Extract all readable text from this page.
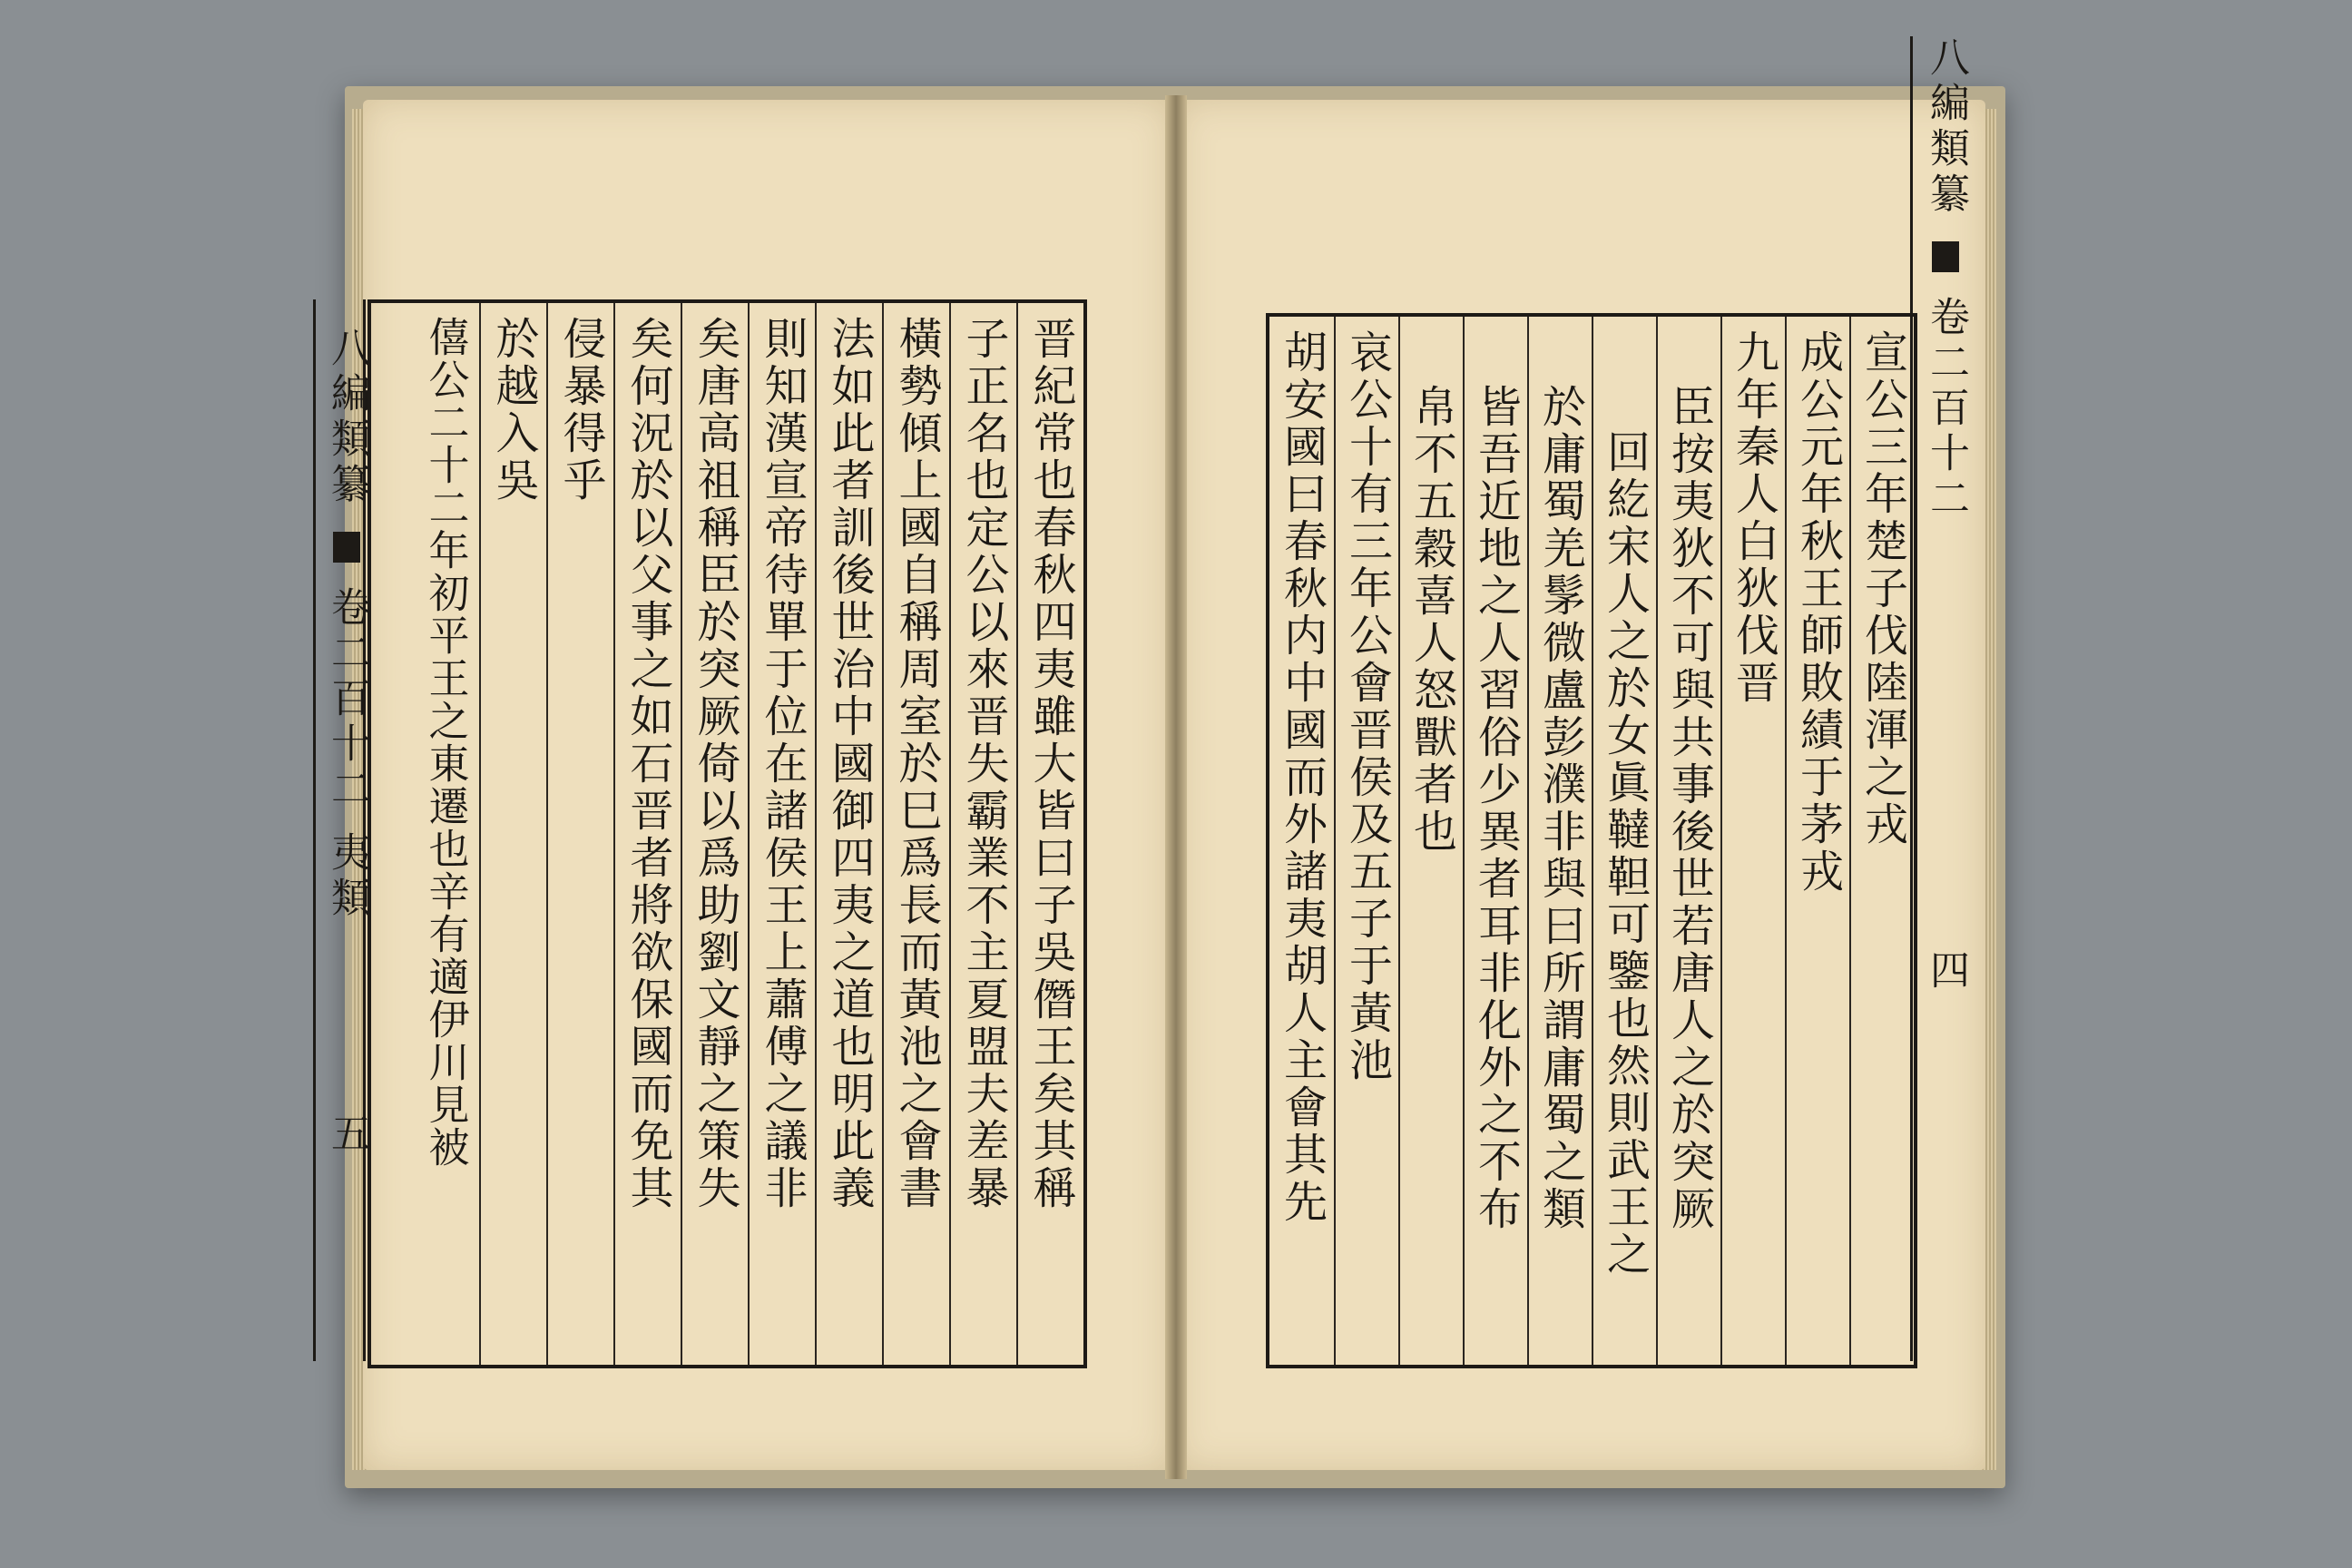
八編類纂  卷二百十二 夷類  五	晋紀常也春秋四夷雖大皆曰子吳僭王矣其稱
子正名也定公以來晋失霸業不主夏盟夫差暴
橫勢傾上國自稱周室於巳爲長而黃池之會書
法如此者訓後世治中國御四夷之道也明此義
則知漢宣帝待單于位在諸侯王上蕭傅之議非
矣唐高祖稱臣於突厥倚以爲助劉文靜之策失
矣何況於以父事之如石晋者將欲保國而免其
侵暴得乎
於越入吳
僖公二十二年初平王之東遷也辛有適伊川見被	宣公三年楚子伐陸渾之戎
成公元年秋王師敗績于茅戎
九年秦人白狄伐晋
臣按夷狄不可與共事後世若唐人之於突厥
回紇宋人之於女眞韃靼可鑒也然則武王之
於庸蜀羌髳微盧彭濮非與曰所謂庸蜀之類
皆吾近地之人習俗少異者耳非化外之不布
帛不五穀喜人怒獸者也
哀公十有三年公會晋侯及五子于黃池
胡安國曰春秋内中國而外諸夷胡人主會其先
八編類纂  卷二百十二  四
